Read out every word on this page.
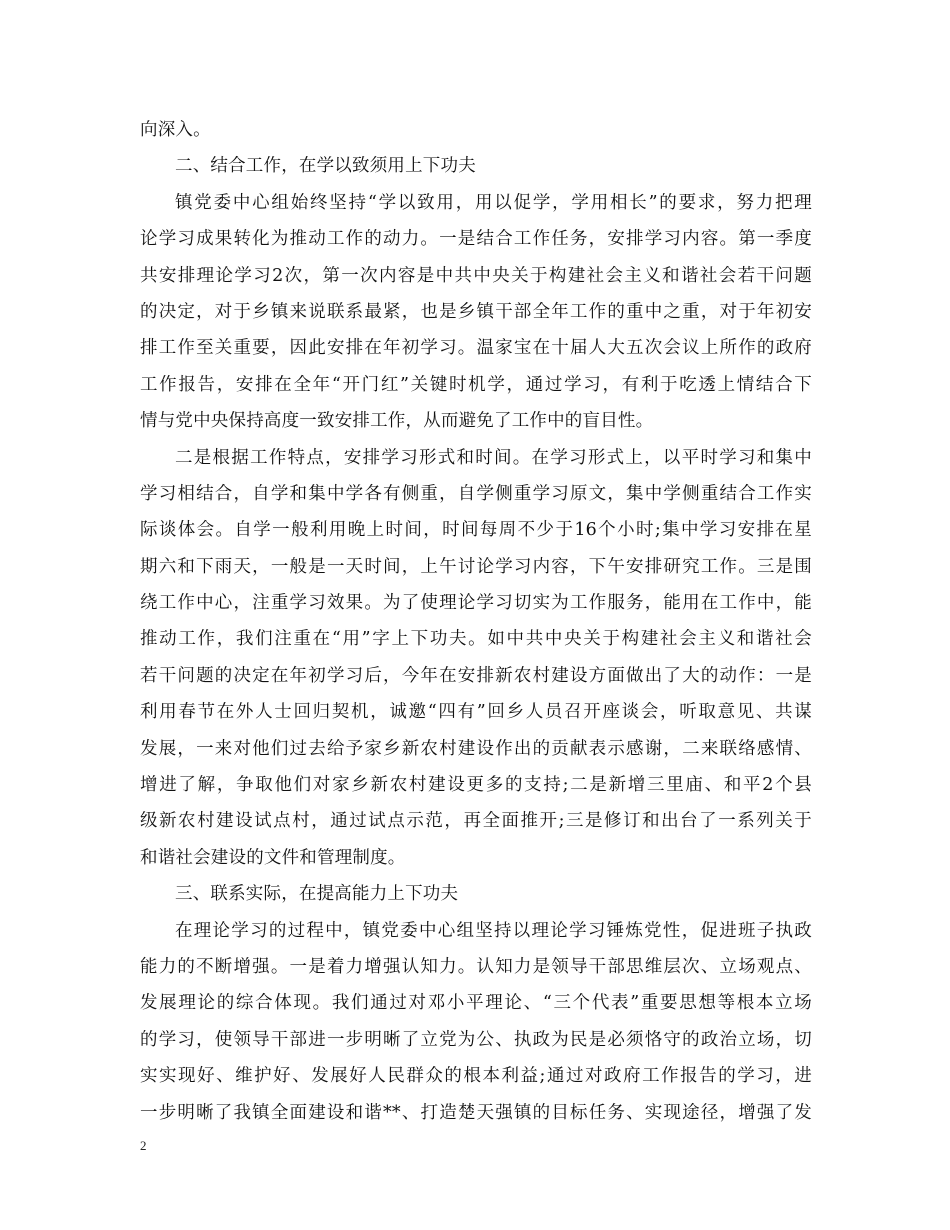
向深入。
二、结合工作，在学以致须用上下功夫
镇党委中心组始终坚持“学以致用，用以促学，学用相长”的要求，努力把理
论学习成果转化为推动工作的动力。一是结合工作任务，安排学习内容。第一季度
共安排理论学习2次，第一次内容是中共中央关于构建社会主义和谐社会若干问题
的决定，对于乡镇来说联系最紧，也是乡镇干部全年工作的重中之重，对于年初安
排工作至关重要，因此安排在年初学习。温家宝在十届人大五次会议上所作的政府
工作报告，安排在全年“开门红”关键时机学，通过学习，有利于吃透上情结合下
情与党中央保持高度一致安排工作，从而避免了工作中的盲目性。
二是根据工作特点，安排学习形式和时间。在学习形式上，以平时学习和集中
学习相结合，自学和集中学各有侧重，自学侧重学习原文，集中学侧重结合工作实
际谈体会。自学一般利用晚上时间，时间每周不少于16个小时;集中学习安排在星
期六和下雨天，一般是一天时间，上午讨论学习内容，下午安排研究工作。三是围
绕工作中心，注重学习效果。为了使理论学习切实为工作服务，能用在工作中，能
推动工作，我们注重在“用”字上下功夫。如中共中央关于构建社会主义和谐社会
若干问题的决定在年初学习后，今年在安排新农村建设方面做出了大的动作：一是
利用春节在外人士回归契机，诚邀“四有”回乡人员召开座谈会，听取意见、共谋
发展，一来对他们过去给予家乡新农村建设作出的贡献表示感谢，二来联络感情、
增进了解，争取他们对家乡新农村建设更多的支持;二是新增三里庙、和平2个县
级新农村建设试点村，通过试点示范，再全面推开;三是修订和出台了一系列关于
和谐社会建设的文件和管理制度。
三、联系实际，在提高能力上下功夫
在理论学习的过程中，镇党委中心组坚持以理论学习锤炼党性，促进班子执政
能力的不断增强。一是着力增强认知力。认知力是领导干部思维层次、立场观点、
发展理论的综合体现。我们通过对邓小平理论、“三个代表”重要思想等根本立场
的学习，使领导干部进一步明晰了立党为公、执政为民是必须恪守的政治立场，切
实实现好、维护好、发展好人民群众的根本利益;通过对政府工作报告的学习，进
一步明晰了我镇全面建设和谐**、打造楚天强镇的目标任务、实现途径，增强了发
2
